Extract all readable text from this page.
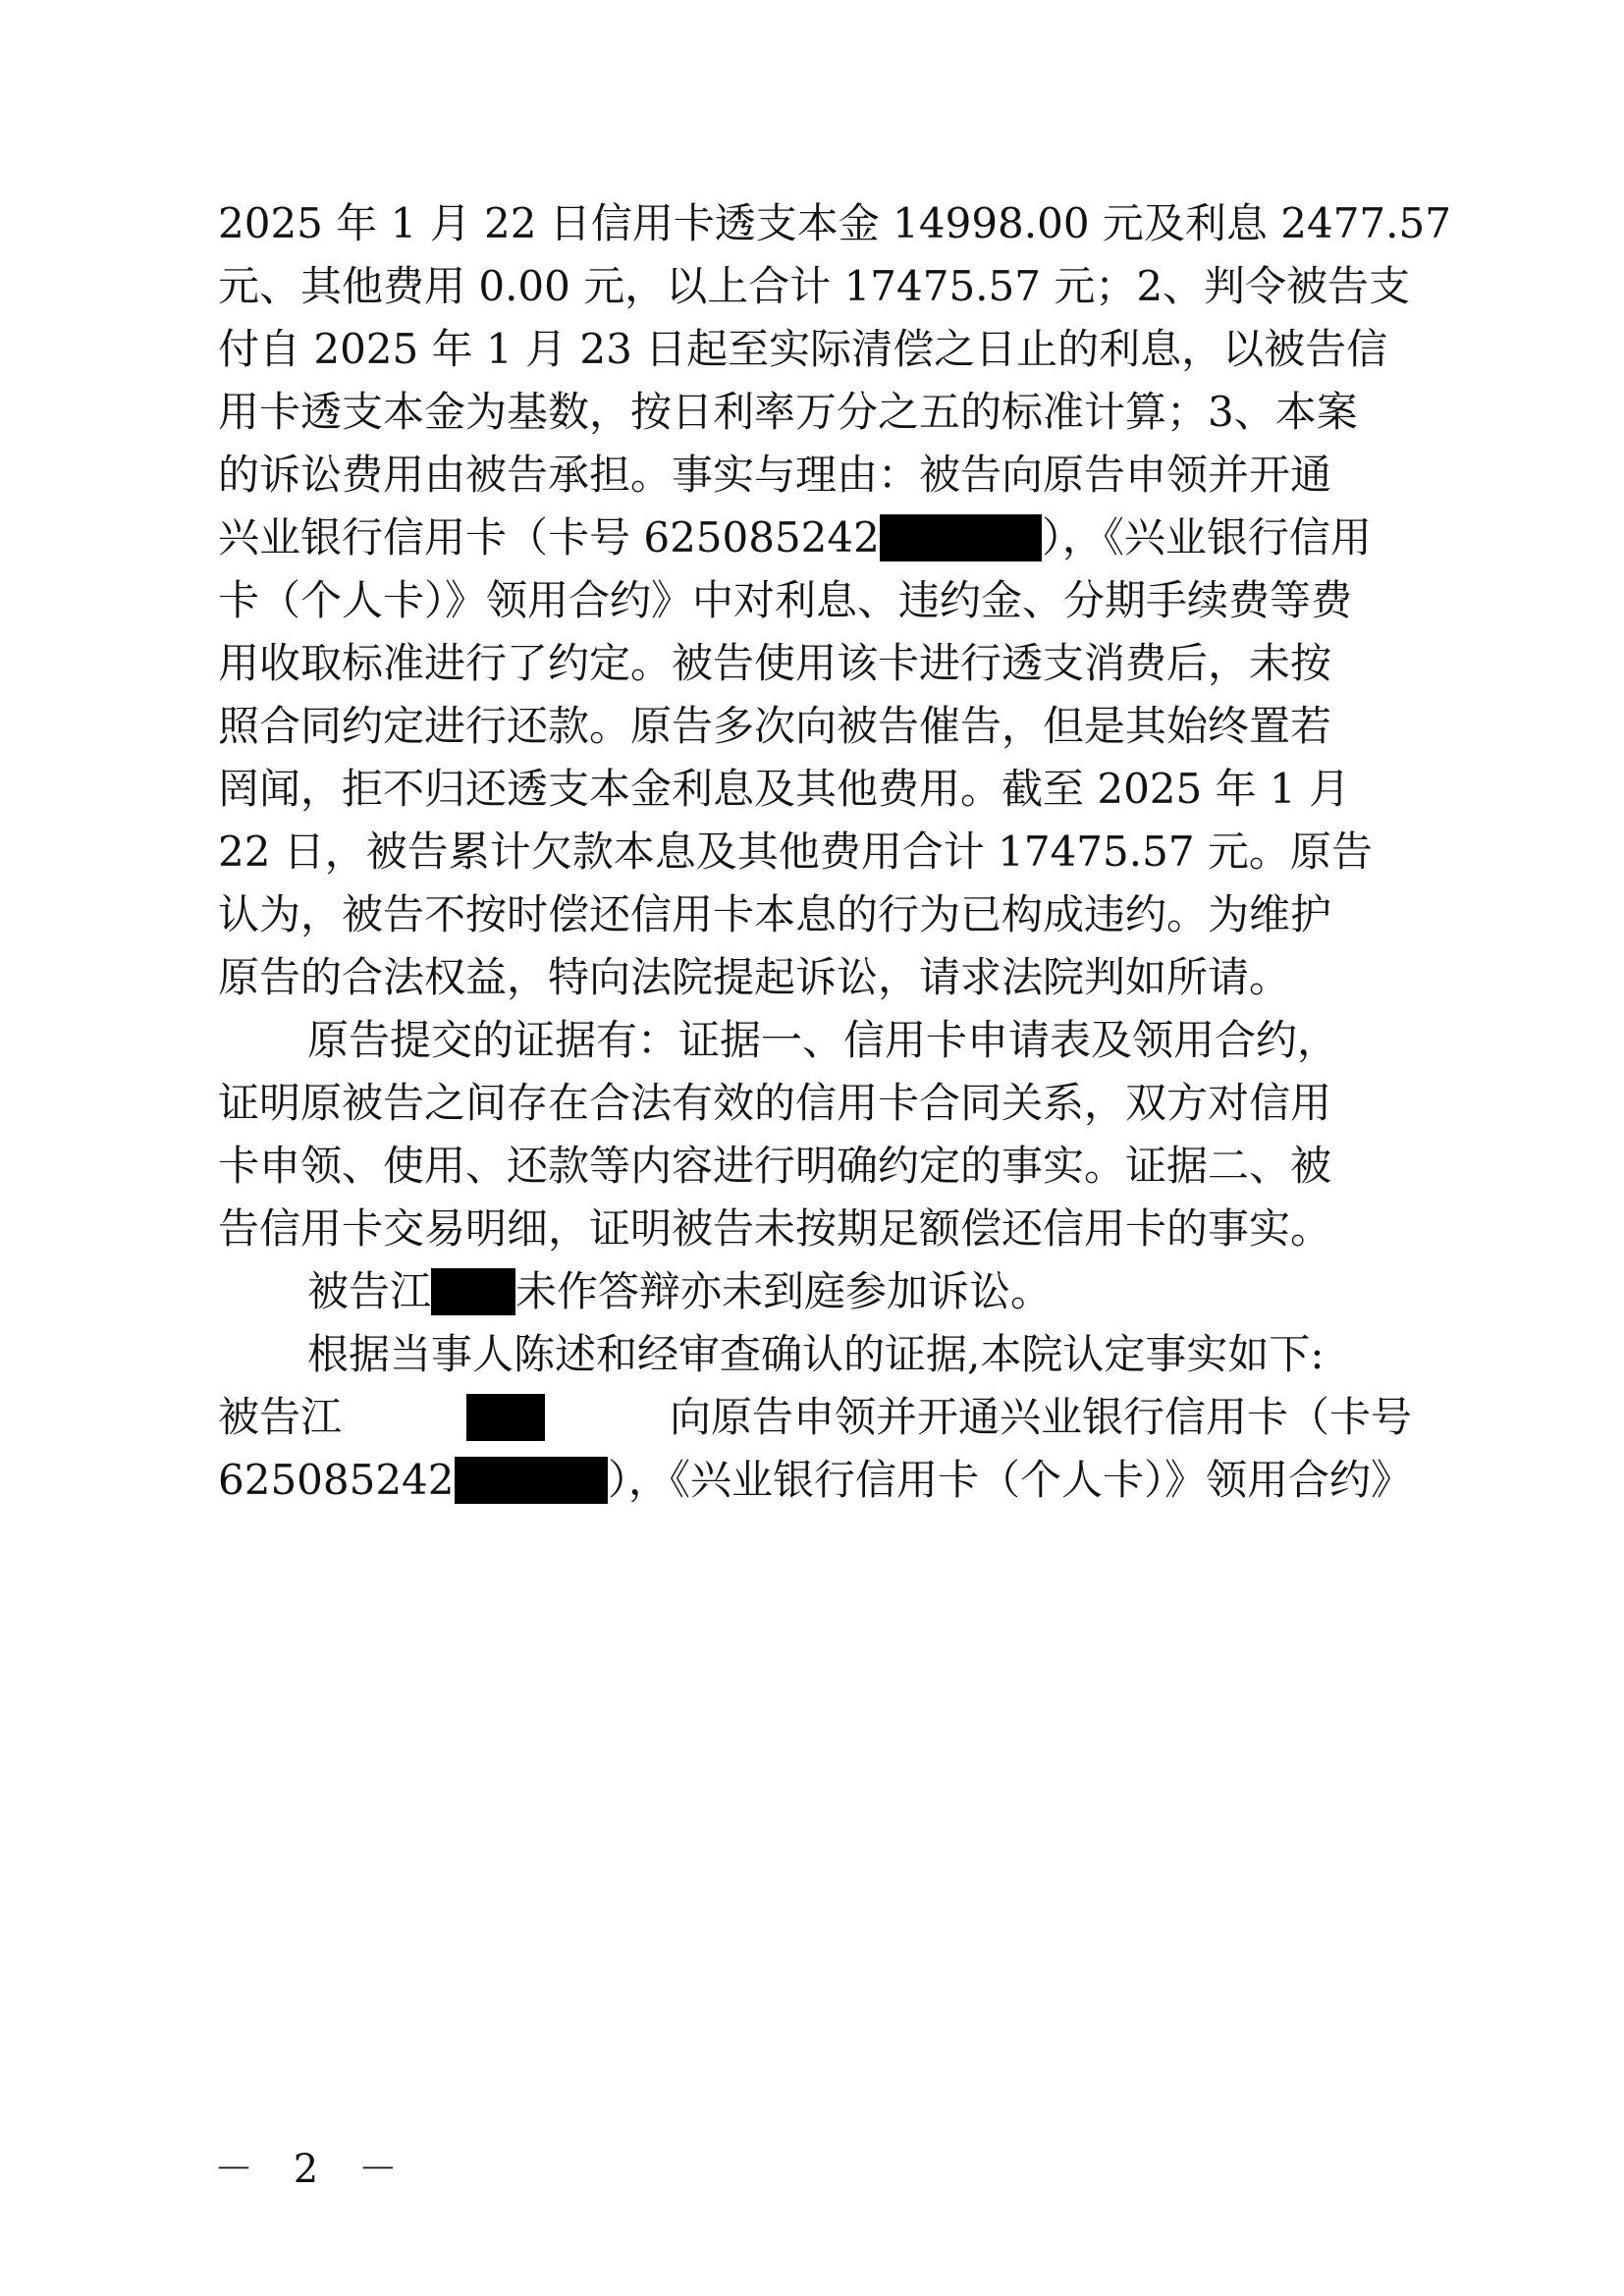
2025 年 1 月 22 日信用卡透支本金 14998.00 元及利息 2477.57
元、其他费用 0.00 元，以上合计 17475.57 元；2、判令被告支
付自 2025 年 1 月 23 日起至实际清偿之日止的利息，以被告信
用卡透支本金为基数，按日利率万分之五的标准计算；3、本案
的诉讼费用由被告承担。事实与理由：被告向原告申领并开通
兴业银行信用卡（卡号 625085242	），《兴业银行信用
卡（个人卡）》领用合约》中对利息、违约金、分期手续费等费
用收取标准进行了约定。被告使用该卡进行透支消费后，未按
照合同约定进行还款。原告多次向被告催告，但是其始终置若
罔闻，拒不归还透支本金利息及其他费用。截至 2025 年 1 月
22 日，被告累计欠款本息及其他费用合计 17475.57 元。原告
认为，被告不按时偿还信用卡本息的行为已构成违约。为维护
原告的合法权益，特向法院提起诉讼，请求法院判如所请。
原告提交的证据有：证据一、信用卡申请表及领用合约，
证明原被告之间存在合法有效的信用卡合同关系，双方对信用
卡申领、使用、还款等内容进行明确约定的事实。证据二、被
告信用卡交易明细，证明被告未按期足额偿还信用卡的事实。
被告江 未作答辩亦未到庭参加诉讼。
根据当事人陈述和经审查确认的证据,本院认定事实如下:
被告江	向原告申领并开通兴业银行信用卡（卡号
625085242	），《兴业银行信用卡（个人卡）》领用合约》
－ 2 －
